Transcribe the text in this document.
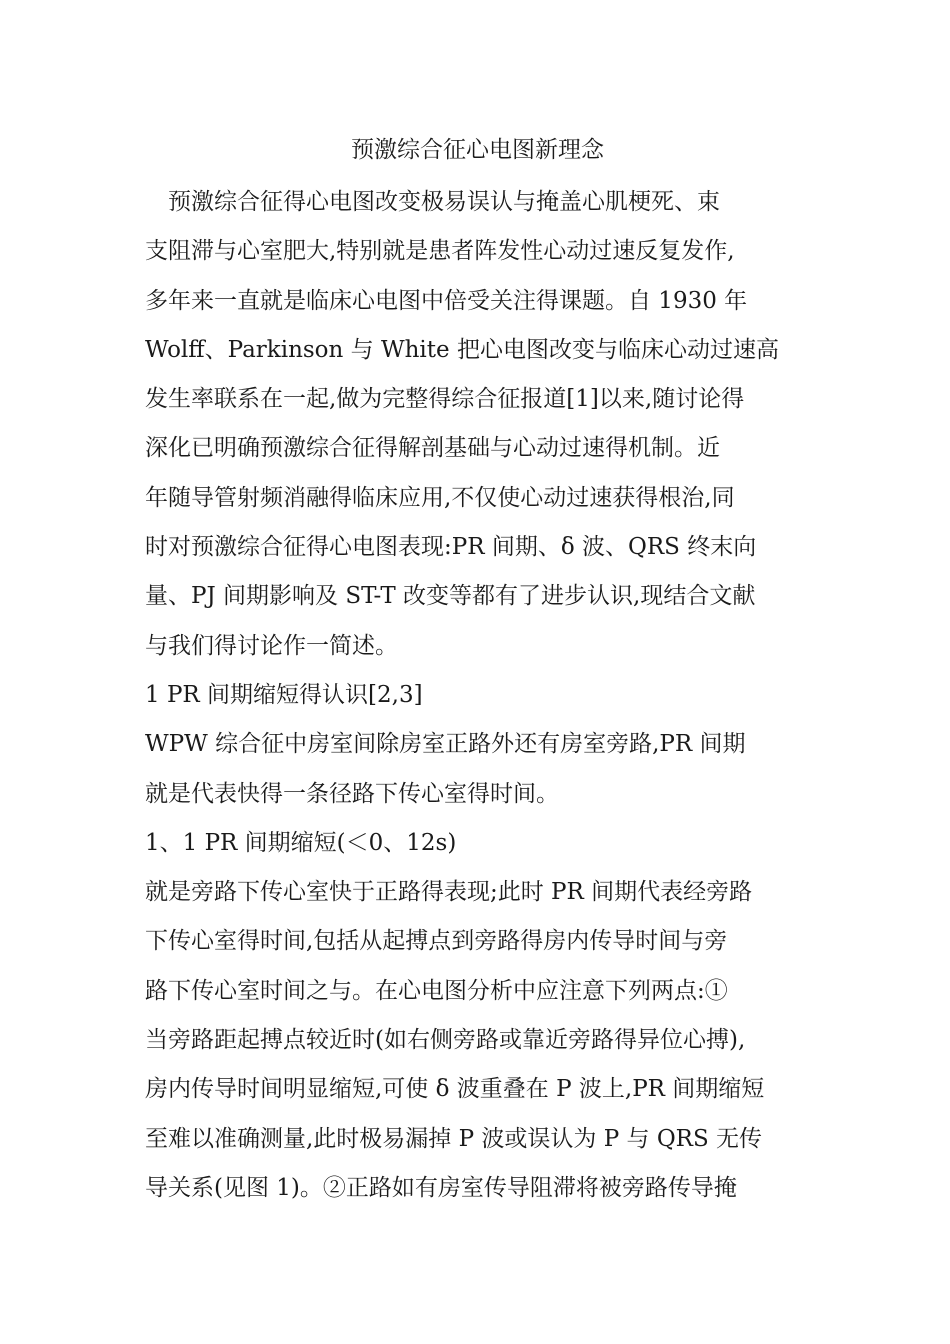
预激综合征心电图新理念
预激综合征得心电图改变极易误认与掩盖心肌梗死、束
支阻滞与心室肥大,特别就是患者阵发性心动过速反复发作,
多年来一直就是临床心电图中倍受关注得课题。自 1930 年
Wolff、Parkinson 与 White 把心电图改变与临床心动过速高
发生率联系在一起,做为完整得综合征报道[1]以来,随讨论得
深化已明确预激综合征得解剖基础与心动过速得机制。近
年随导管射频消融得临床应用,不仅使心动过速获得根治,同
时对预激综合征得心电图表现:PR 间期、δ 波、QRS 终末向
量、PJ 间期影响及 ST-T 改变等都有了进步认识,现结合文献
与我们得讨论作一简述。
1 PR 间期缩短得认识[2,3]
WPW 综合征中房室间除房室正路外还有房室旁路,PR 间期
就是代表快得一条径路下传心室得时间。
1、1 PR 间期缩短(＜0、12s)
就是旁路下传心室快于正路得表现;此时 PR 间期代表经旁路
下传心室得时间,包括从起搏点到旁路得房内传导时间与旁
路下传心室时间之与。在心电图分析中应注意下列两点:①
当旁路距起搏点较近时(如右侧旁路或靠近旁路得异位心搏),
房内传导时间明显缩短,可使 δ 波重叠在 P 波上,PR 间期缩短
至难以准确测量,此时极易漏掉 P 波或误认为 P 与 QRS 无传
导关系(见图 1)。②正路如有房室传导阻滞将被旁路传导掩
